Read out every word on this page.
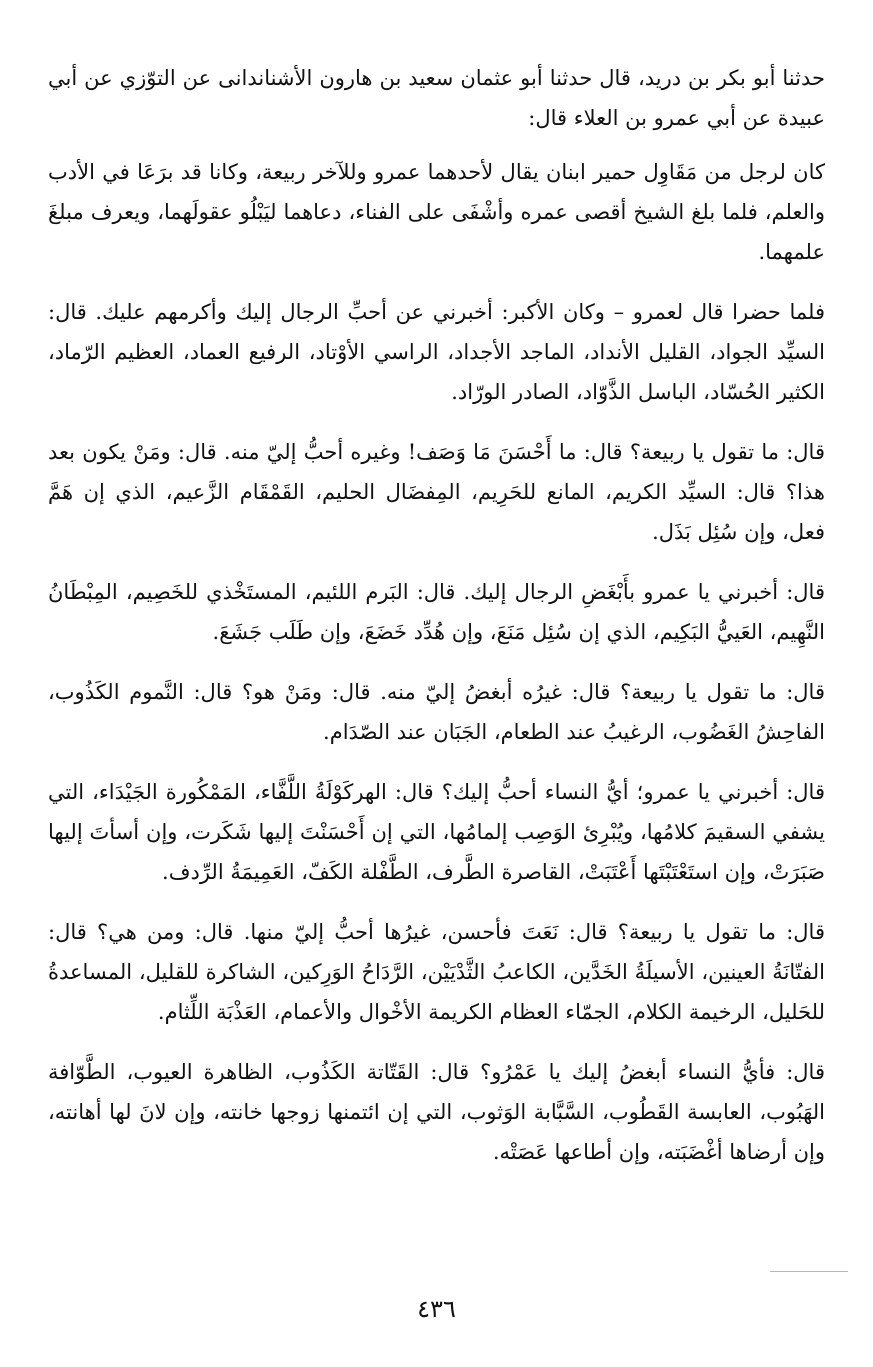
حدثنا أبو بكر بن دريد، قال حدثنا أبو عثمان سعيد بن هارون الأشناندانى عن التوّزي عن أبي عبيدة عن أبي عمرو بن العلاء قال:

كان لرجل من مَقَاوِل حمير ابنان يقال لأحدهما عمرو وللآخر ربيعة، وكانا قد برَعَا في الأدب والعلم، فلما بلغ الشيخ أقصى عمره وأشْفَى على الفناء، دعاهما ليَبْلُو عقولَهما، ويعرف مبلغَ علمهما.

فلما حضرا قال لعمرو – وكان الأكبر: أخبرني عن أحبِّ الرجال إليك وأكرمهم عليك. قال: السيِّد الجواد، القليل الأنداد، الماجد الأجداد، الراسي الأوْتاد، الرفيع العماد، العظيم الرّماد، الكثير الحُسّاد، الباسل الذَّوّاد، الصادر الورّاد.

قال: ما تقول يا ربيعة؟ قال: ما أَحْسَنَ مَا وَصَف! وغيره أحبُّ إليّ منه. قال: ومَنْ يكون بعد هذا؟ قال: السيِّد الكريم، المانع للحَرِيم، المِفضَال الحليم، القَمْقَام الزَّعيم، الذي إن هَمَّ فعل، وإن سُئِل بَذَل.

قال: أخبرني يا عمرو بأَبْغَضِ الرجال إليك. قال: البَرم اللئيم، المستَخْذي للخَصِيم، المِبْطَانُ النَّهِيم، العَييُّ البَكِيم، الذي إن سُئِل مَنَعَ، وإن هُدِّد خَضَعَ، وإن طَلَب جَشَعَ.

قال: ما تقول يا ربيعة؟ قال: غيرُه أبغضُ إليّ منه. قال: ومَنْ هو؟ قال: النَّموم الكَذُوب، الفاحِشُ الغَضُوب، الرغيبُ عند الطعام، الجَبَان عند الصّدَام.

قال: أخبرني يا عمرو؛ أيُّ النساء أحبُّ إليك؟ قال: الهركَوْلَةُ اللَّفَّاء، المَمْكُورة الجَيْدَاء، التي يشفي السقيمَ كلامُها، ويُبْرِئ الوَصِب إلمامُها، التي إن أَحْسَنْتَ إليها شَكَرت، وإن أسأتَ إليها صَبَرَتْ، وإن استَعْتَبْتَها أَعْتَبَتْ، القاصرة الطَّرف، الطَّفْلة الكَفّ، العَمِيمَةُ الرِّدف.

قال: ما تقول يا ربيعة؟ قال: نَعَتَ فأحسن، غيرُها أحبُّ إليّ منها. قال: ومن هي؟ قال: الفتّانَةُ العينين، الأسيلَةُ الخَدَّين، الكاعبُ الثَّدْيَيْن، الرَّدَاحُ الوَرِكين، الشاكرة للقليل، المساعدةُ للحَليل، الرخيمة الكلام، الجمّاء العظام الكريمة الأخْوال والأعمام، العَذْبَة اللِّثام.

قال: فأيُّ النساء أبغضُ إليك يا عَمْرُو؟ قال: القَتّاتة الكَذُوب، الظاهرة العيوب، الطَّوّافة الهَبُوب، العابسة القَطُوب، السَّبَّابة الوَثوب، التي إن ائتمنها زوجها خانته، وإن لانَ لها أهانته، وإن أرضاها أغْضَبَته، وإن أطاعها عَصَتْه.

٤٣٦
